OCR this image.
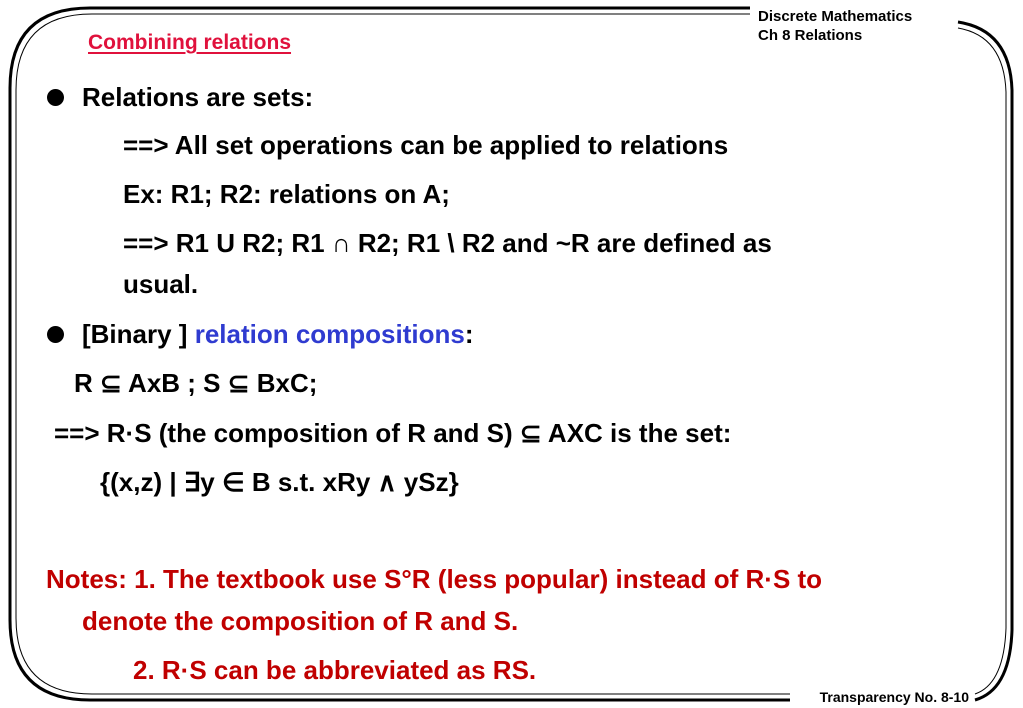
Discrete Mathematics
Ch 8 Relations
Combining relations
Relations are sets:
==> All set operations can be applied to relations
Ex: R1; R2: relations on A;
==> R1 U R2; R1 ∩ R2; R1 \ R2 and ~R are defined as
usual.
[Binary ] relation compositions:
R ⊆ AxB ; S ⊆ BxC;
==> R·S (the composition of R and S) ⊆ AXC is the set:
{(x,z) | ∃y ∈ B s.t. xRy ∧ ySz}
Notes: 1. The textbook use S°R (less popular) instead of R·S to
denote the composition of R and S.
2. R·S can be abbreviated as RS.
Transparency No. 8-10
